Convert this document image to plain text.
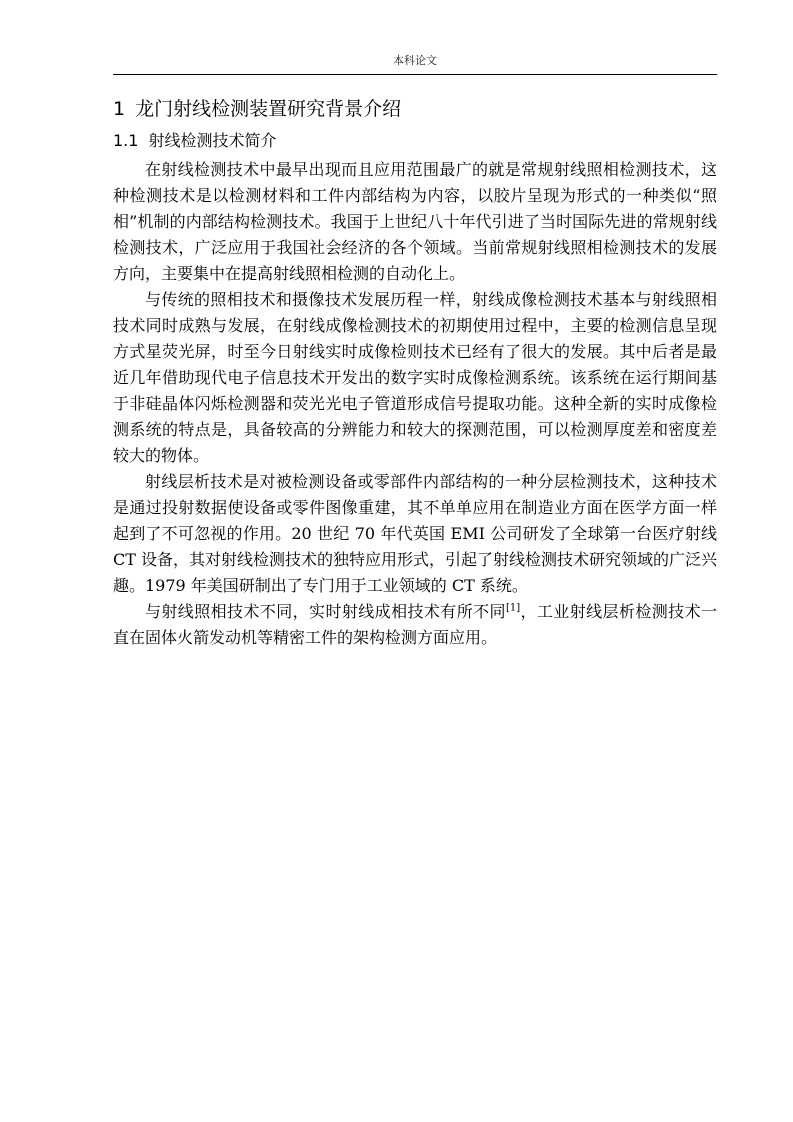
本科论文
1 龙门射线检测装置研究背景介绍
1.1 射线检测技术简介

在射线检测技术中最早出现而且应用范围最广的就是常规射线照相检测技术，这种检测技术是以检测材料和工件内部结构为内容，以胶片呈现为形式的一种类似“照相”机制的内部结构检测技术。我国于上世纪八十年代引进了当时国际先进的常规射线检测技术，广泛应用于我国社会经济的各个领域。当前常规射线照相检测技术的发展方向，主要集中在提高射线照相检测的自动化上。

与传统的照相技术和摄像技术发展历程一样，射线成像检测技术基本与射线照相技术同时成熟与发展，在射线成像检测技术的初期使用过程中，主要的检测信息呈现方式星荧光屏，时至今日射线实时成像检则技术已经有了很大的发展。其中后者是最近几年借助现代电子信息技术开发出的数字实时成像检测系统。该系统在运行期间基于非硅晶体闪烁检测器和荧光光电子管道形成信号提取功能。这种全新的实时成像检测系统的特点是，具备较高的分辨能力和较大的探测范围，可以检测厚度差和密度差较大的物体。

射线层析技术是对被检测设备或零部件内部结构的一种分层检测技术，这种技术是通过投射数据使设备或零件图像重建，其不单单应用在制造业方面在医学方面一样起到了不可忽视的作用。20 世纪 70 年代英国 EMI 公司研发了全球第一台医疗射线 CT 设备，其对射线检测技术的独特应用形式，引起了射线检测技术研究领域的广泛兴趣。1979 年美国研制出了专门用于工业领域的 CT 系统。

与射线照相技术不同，实时射线成相技术有所不同[1]，工业射线层析检测技术一直在固体火箭发动机等精密工件的架构检测方面应用。
